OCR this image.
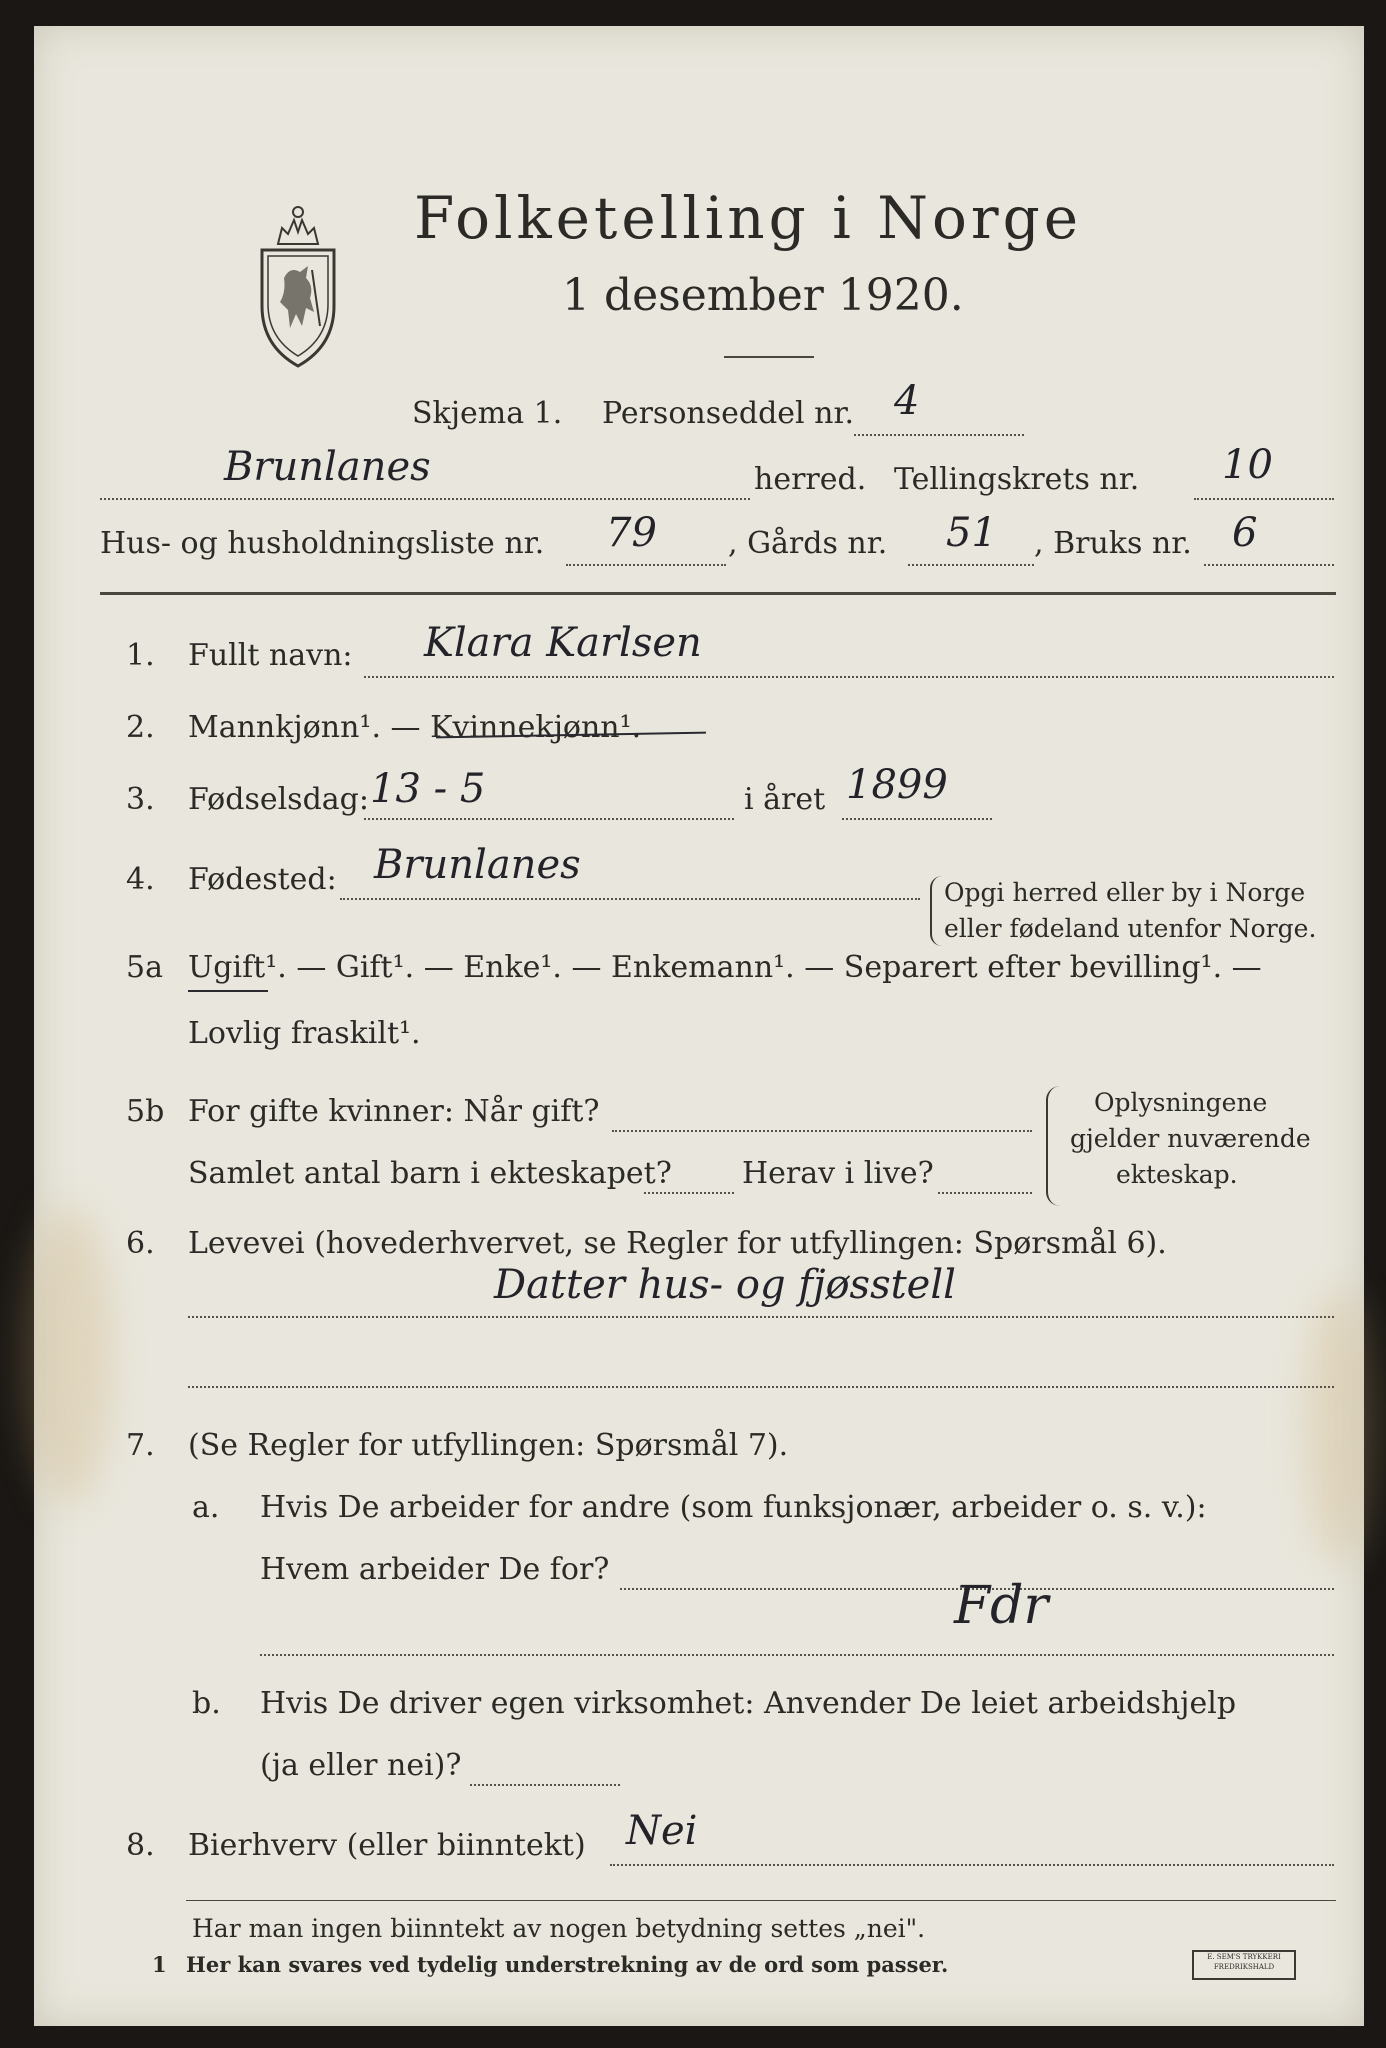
Folketelling i Norge
1 desember 1920.
Skjema 1. Personseddel nr. 4
Brunlanes	herred. Tellingskrets nr. 10
Hus- og husholdningsliste nr. 79 , Gårds nr. 51 , Bruks nr. 6
1. Fullt navn: Klara Karlsen
2. Mannkjønn¹. — Kvinnekjønn¹.
3. Fødselsdag: 13 - 5	i året 1899
4. Fødested: Brunlanes
Opgi herred eller by i Norge
eller fødeland utenfor Norge.
5a Ugift¹. — Gift¹. — Enke¹. — Enkemann¹. — Separert efter bevilling¹. —
Lovlig fraskilt¹.
5b For gifte kvinner: Når gift?
Samlet antal barn i ekteskapet? Herav i live?
Oplysningene
gjelder nuværende
ekteskap.
6. Levevei (hovederhvervet, se Regler for utfyllingen: Spørsmål 6).
Datter hus- og fjøsstell
7. (Se Regler for utfyllingen: Spørsmål 7).
a. Hvis De arbeider for andre (som funksjonær, arbeider o. s. v.):
Hvem arbeider De for?
Fdr
b. Hvis De driver egen virksomhet: Anvender De leiet arbeidshjelp
(ja eller nei)?
8. Bierhverv (eller biinntekt) Nei
Har man ingen biinntekt av nogen betydning settes „nei".
1 Her kan svares ved tydelig understrekning av de ord som passer.	E. SEM'S TRYKKERI FREDRIKSHALD
